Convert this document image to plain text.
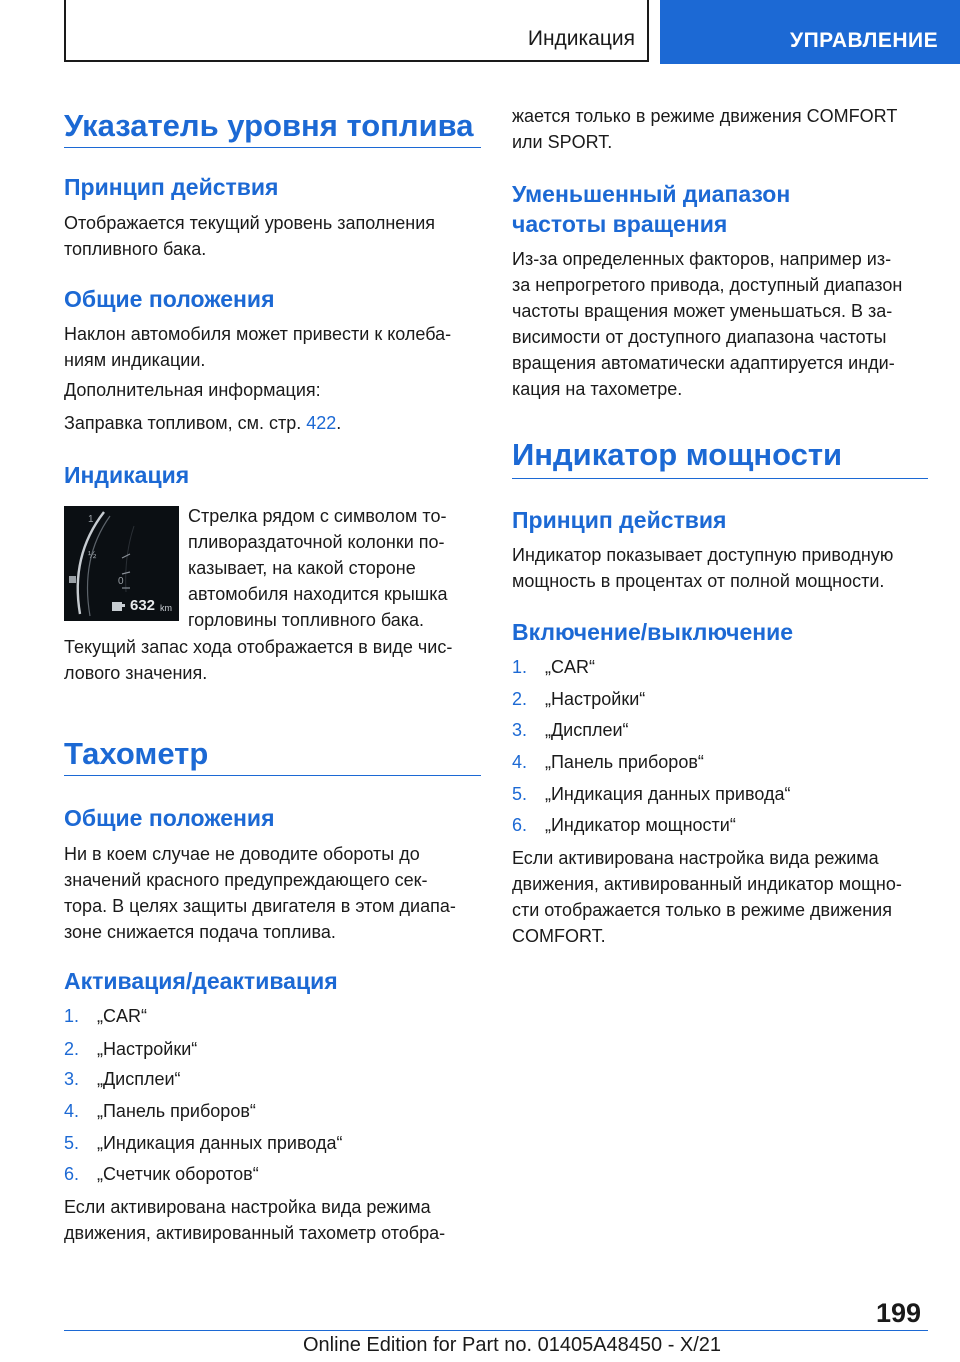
Индикация	УПРАВЛЕНИЕ
Указатель уровня топлива
Принцип действия
Отображается текущий уровень заполнения
топливного бака.
Общие положения
Наклон автомобиля может привести к колеба-
ниям индикации.
Дополнительная информация:
Заправка топливом, см. стр. 422.
Индикация
1
½
0
632 km
Стрелка рядом с символом то-
пливораздаточной колонки по-
казывает, на какой стороне
автомобиля находится крышка
горловины топливного бака.
Текущий запас хода отображается в виде чис-
лового значения.
Тахометр
Общие положения
Ни в коем случае не доводите обороты до
значений красного предупреждающего сек-
тора. В целях защиты двигателя в этом диапа-
зоне снижается подача топлива.
Активация/деактивация
1. „CAR“
2. „Настройки“
3. „Дисплеи“
4. „Панель приборов“
5. „Индикация данных привода“
6. „Счетчик оборотов“
Если активирована настройка вида режима
движения, активированный тахометр отобра-
жается только в режиме движения COMFORT
или SPORT.
Уменьшенный диапазон
частоты вращения
Из-за определенных факторов, например из-
за непрогретого привода, доступный диапазон
частоты вращения может уменьшаться. В за-
висимости от доступного диапазона частоты
вращения автоматически адаптируется инди-
кация на тахометре.
Индикатор мощности
Принцип действия
Индикатор показывает доступную приводную
мощность в процентах от полной мощности.
Включение/выключение
1. „CAR“
2. „Настройки“
3. „Дисплеи“
4. „Панель приборов“
5. „Индикация данных привода“
6. „Индикатор мощности“
Если активирована настройка вида режима
движения, активированный индикатор мощно-
сти отображается только в режиме движения
COMFORT.
199
Online Edition for Part no. 01405A48450 - X/21
